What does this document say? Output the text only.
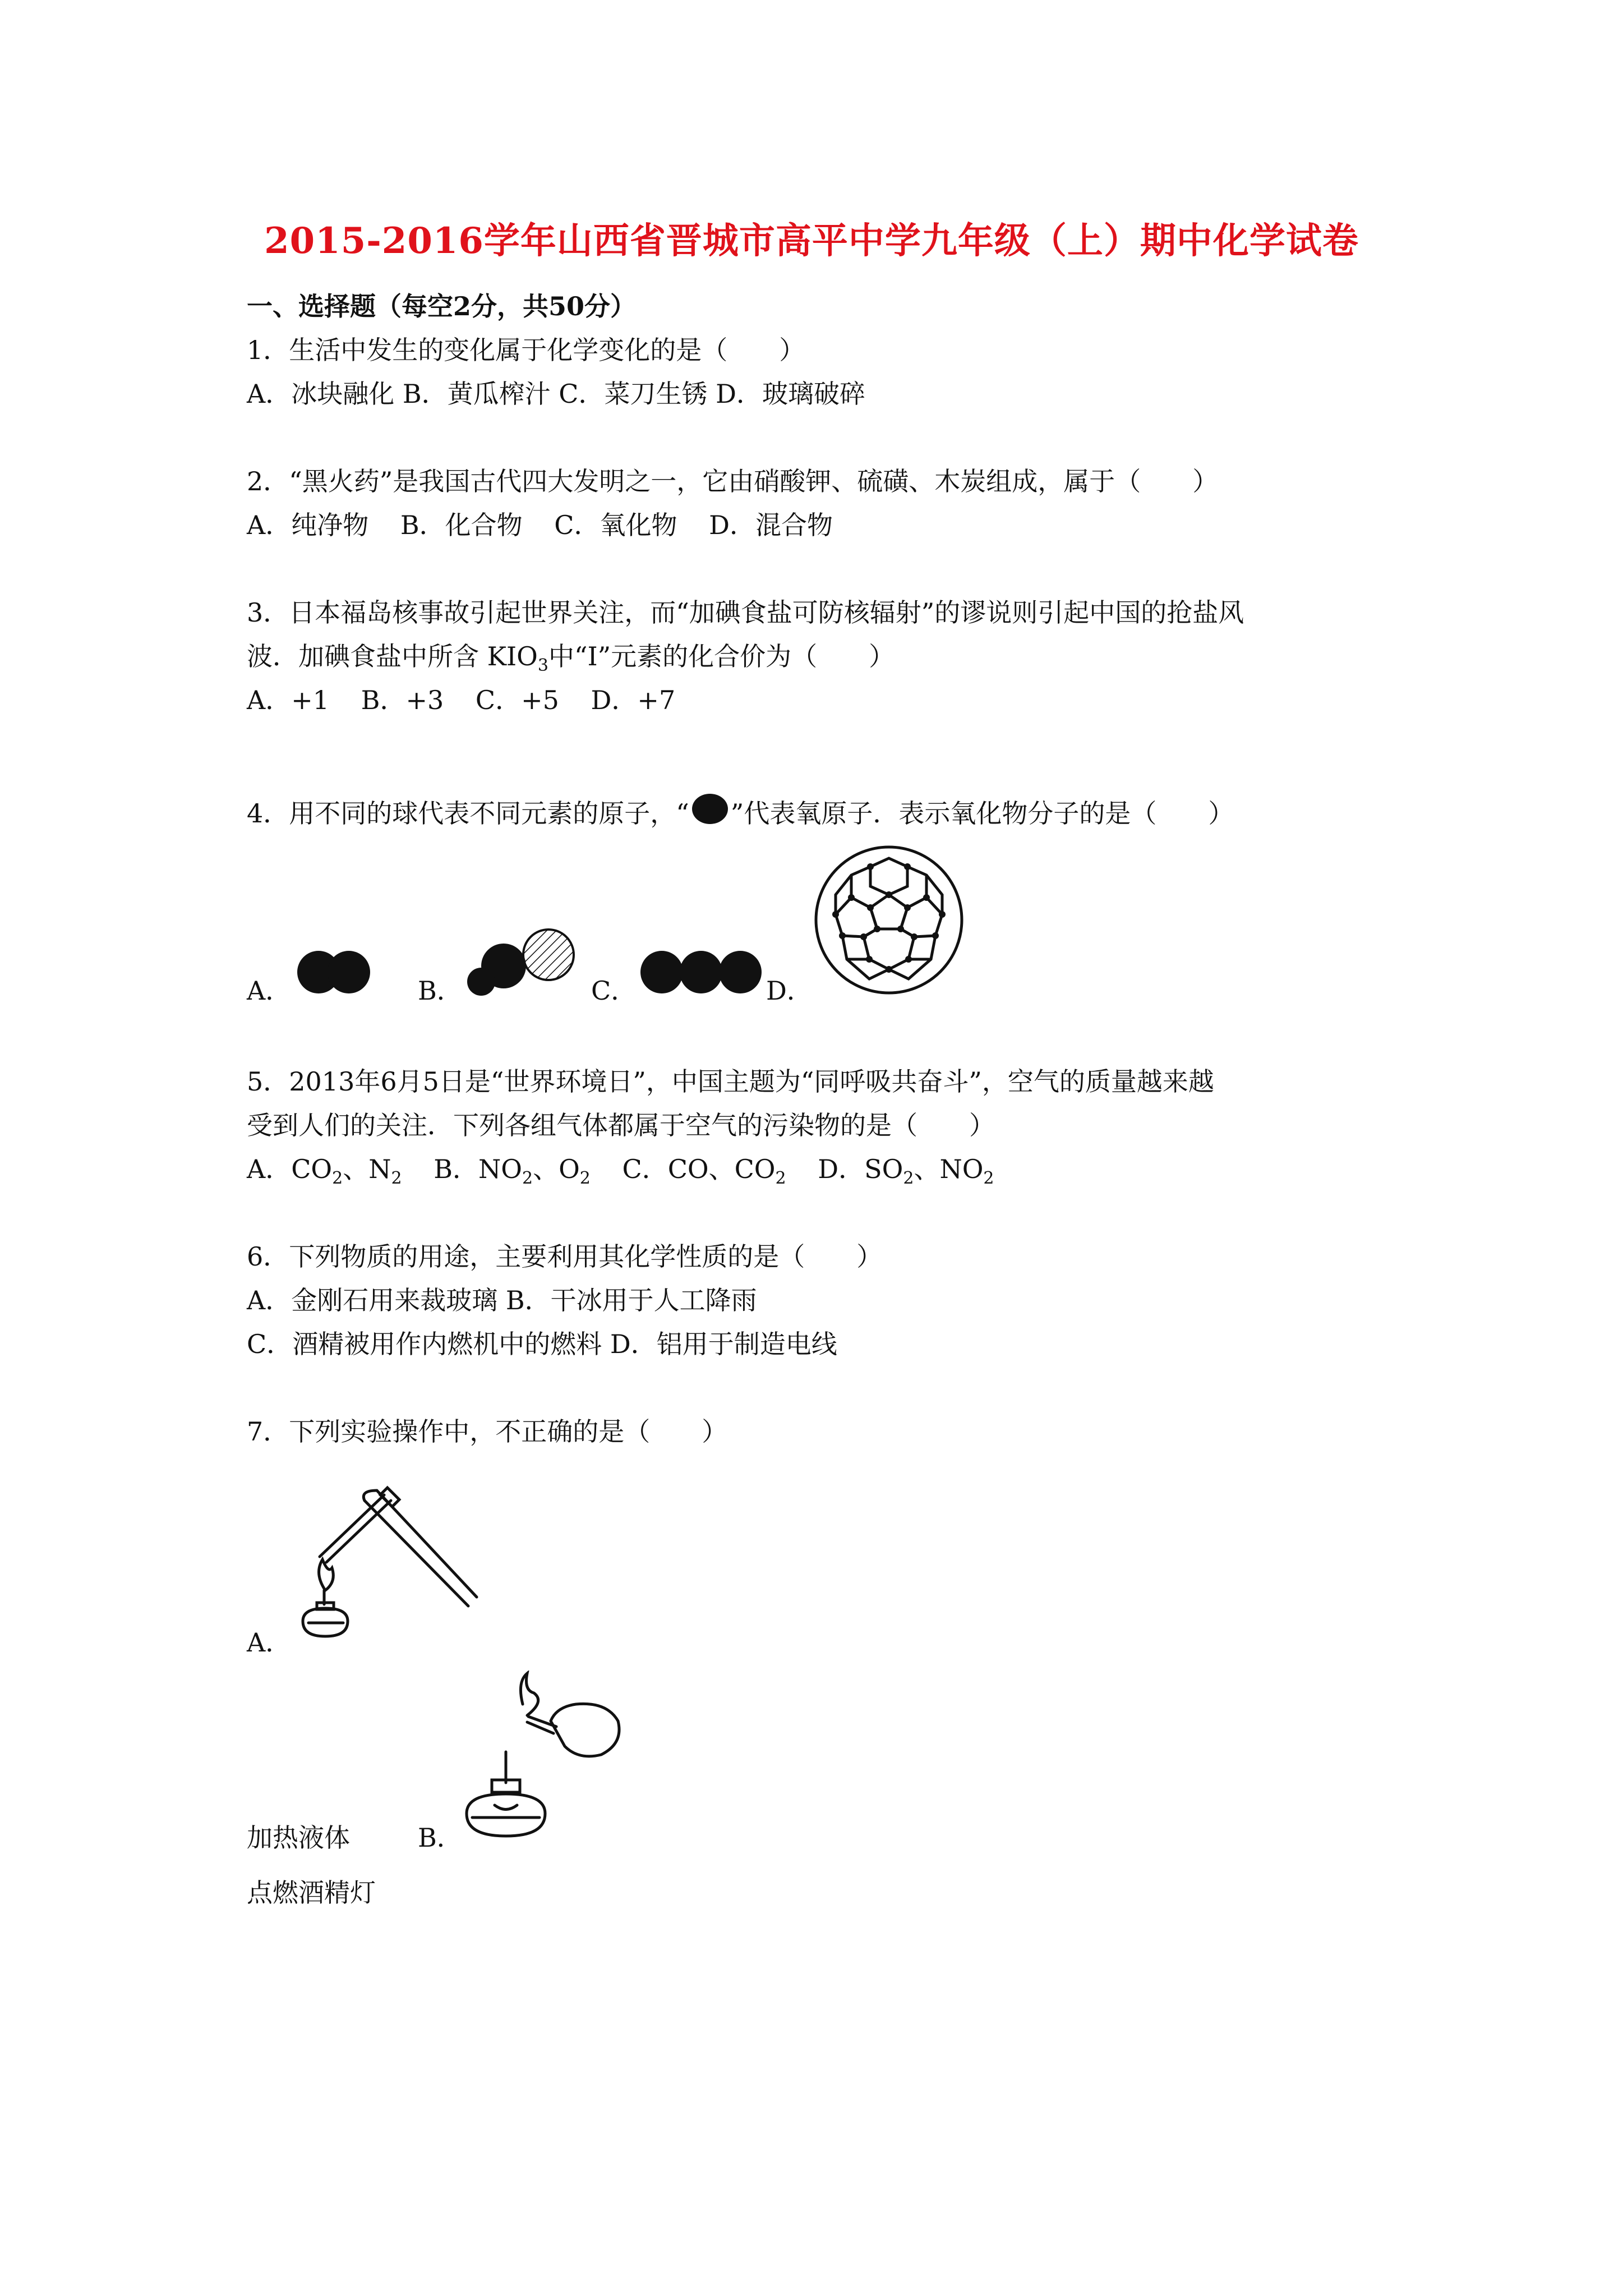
2015-2016学年山西省晋城市高平中学九年级（上）期中化学试卷
一、选择题（每空2分，共50分）
1．生活中发生的变化属于化学变化的是（　　）
A．冰块融化 B．黄瓜榨汁 C．菜刀生锈 D．玻璃破碎
2．“黑火药”是我国古代四大发明之一，它由硝酸钾、硫磺、木炭组成，属于（　　）
A．纯净物 B．化合物 C．氧化物 D．混合物
3．日本福岛核事故引起世界关注，而“加碘食盐可防核辐射”的谬说则引起中国的抢盐风
波．加碘食盐中所含 $KIO_3$中“I”元素的化合价为（　　）
A．+1 B．+3 C．+5 D．+7
4．用不同的球代表不同元素的原子，“ ”代表氧原子．表示氧化物分子的是（　　）
A．	B．	C．	D．
5．2013年6月5日是“世界环境日”，中国主题为“同呼吸共奋斗”，空气的质量越来越
受到人们的关注．下列各组气体都属于空气的污染物的是（　　）
A．$CO_2$、$N_2$ B．$NO_2$、$O_2$ C．CO、$CO_2$ D．$SO_2$、$NO_2$
6．下列物质的用途，主要利用其化学性质的是（　　）
A．金刚石用来裁玻璃 B．干冰用于人工降雨
C．酒精被用作内燃机中的燃料 D．铝用于制造电线
7．下列实验操作中，不正确的是（　　）
A．
加热液体	B．
点燃酒精灯
